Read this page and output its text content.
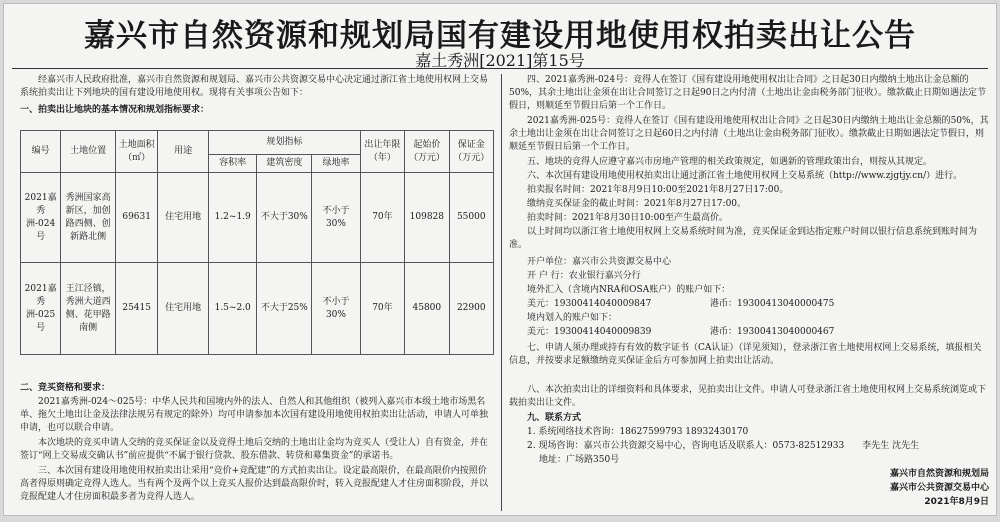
嘉兴市自然资源和规划局国有建设用地使用权拍卖出让公告
嘉土秀洲[2021]第15号
经嘉兴市人民政府批准，嘉兴市自然资源和规划局、嘉兴市公共资源交易中心决定通过浙江省土地使用权网上交易系统拍卖出让下列地块的国有建设用地使用权。现将有关事项公告如下：
一、拍卖出让地块的基本情况和规划指标要求：
编号	土地位置	土地面积（㎡）	用途	规划指标			出让年限（年）	起始价（万元）	保证金（万元）
				容积率	建筑密度	绿地率			
2021嘉秀洲-024号	秀洲国家高新区，加创路西侧、创新路北侧	69631	住宅用地	1.2~1.9	不大于30%	不小于30%	70年	109828	55000
2021嘉秀洲-025号	王江泾镇，秀洲大道西侧、花甲路南侧	25415	住宅用地	1.5~2.0	不大于25%	不小于30%	70年	45800	22900
二、竞买资格和要求：
2021嘉秀洲-024～025号：中华人民共和国境内外的法人、自然人和其他组织（被列入嘉兴市本级土地市场黑名单、拖欠土地出让金及法律法规另有规定的除外）均可申请参加本次国有建设用地使用权拍卖出让活动，申请人可单独申请，也可以联合申请。
本次地块的竞买申请人交纳的竞买保证金以及竞得土地后交纳的土地出让金均为竞买人（受让人）自有资金，并在签订“网上交易成交确认书”前应提供“不属于银行贷款、股东借款、转贷和募集资金”的承诺书。
三、本次国有建设用地使用权拍卖出让采用“竞价+竞配建”的方式拍卖出让。设定最高限价，在最高限价内按照价高者得原则确定竞得人选人。当有两个及两个以上竞买人报价达到最高限价时，转入竞报配建人才住房面积阶段，并以竞报配建人才住房面积最多者为竞得人选人。
四、2021嘉秀洲-024号：竞得人在签订《国有建设用地使用权出让合同》之日起30日内缴纳土地出让金总额的50%，其余土地出让金须在出让合同签订之日起90日之内付清（土地出让金由税务部门征收）。缴款截止日期如遇法定节假日，则顺延至节假日后第一个工作日。
2021嘉秀洲-025号：竞得人在签订《国有建设用地使用权出让合同》之日起30日内缴纳土地出让金总额的50%，其余土地出让金须在出让合同签订之日起60日之内付清（土地出让金由税务部门征收）。缴款截止日期如遇法定节假日，则顺延至节假日后第一个工作日。
五、地块的竞得人应遵守嘉兴市房地产管理的相关政策规定，如遇新的管理政策出台，则按从其规定。
六、本次国有建设用地使用权拍卖出让通过浙江省土地使用权网上交易系统（http://www.zjgtjy.cn/）进行。
拍卖报名时间：2021年8月9日10:00至2021年8月27日17:00。
缴纳竞买保证金的截止时间：2021年8月27日17:00。
拍卖时间：2021年8月30日10:00至产生最高价。
以上时间均以浙江省土地使用权网上交易系统时间为准，竞买保证金到达指定账户时间以银行信息系统到账时间为准。
开户单位：嘉兴市公共资源交易中心
开 户 行：农业银行嘉兴分行
境外汇入（含境内NRA和OSA账户）的账户如下：
美元：19300414040009847	港币：19300413040000475
境内划入的账户如下：
美元：19300414040009839	港币：19300413040000467
七、申请人须办理或持有有效的数字证书（CA认证）（详见须知），登录浙江省土地使用权网上交易系统，填报相关信息，并按要求足额缴纳竞买保证金后方可参加网上拍卖出让活动。
八、本次拍卖出让的详细资料和具体要求，见拍卖出让文件。申请人可登录浙江省土地使用权网上交易系统浏览或下载拍卖出让文件。
九、联系方式
1. 系统网络技术咨询：18627599793 18932430170
2. 现场咨询：嘉兴市公共资源交易中心，咨询电话及联系人：0573-82512933　　李先生 沈先生
地址：广场路350号
嘉兴市自然资源和规划局
嘉兴市公共资源交易中心
2021年8月9日
